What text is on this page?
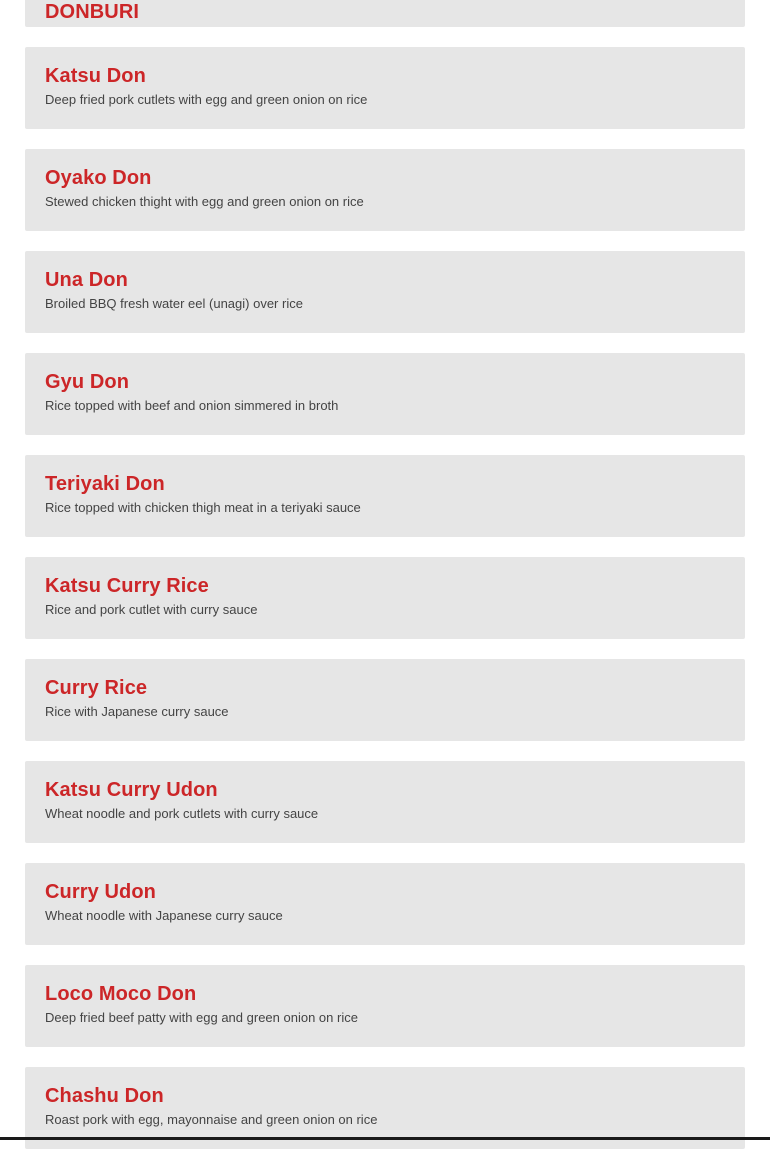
DONBURI
Katsu Don

Deep fried pork cutlets with egg and green onion on rice

Oyako Don

Stewed chicken thight with egg and green onion on rice

Una Don

Broiled BBQ fresh water eel (unagi) over rice

Gyu Don

Rice topped with beef and onion simmered in broth

Teriyaki Don

Rice topped with chicken thigh meat in a teriyaki sauce

Katsu Curry Rice

Rice and pork cutlet with curry sauce

Curry Rice

Rice with Japanese curry sauce

Katsu Curry Udon

Wheat noodle and pork cutlets with curry sauce

Curry Udon

Wheat noodle with Japanese curry sauce

Loco Moco Don

Deep fried beef patty with egg and green onion on rice

Chashu Don

Roast pork with egg, mayonnaise and green onion on rice
